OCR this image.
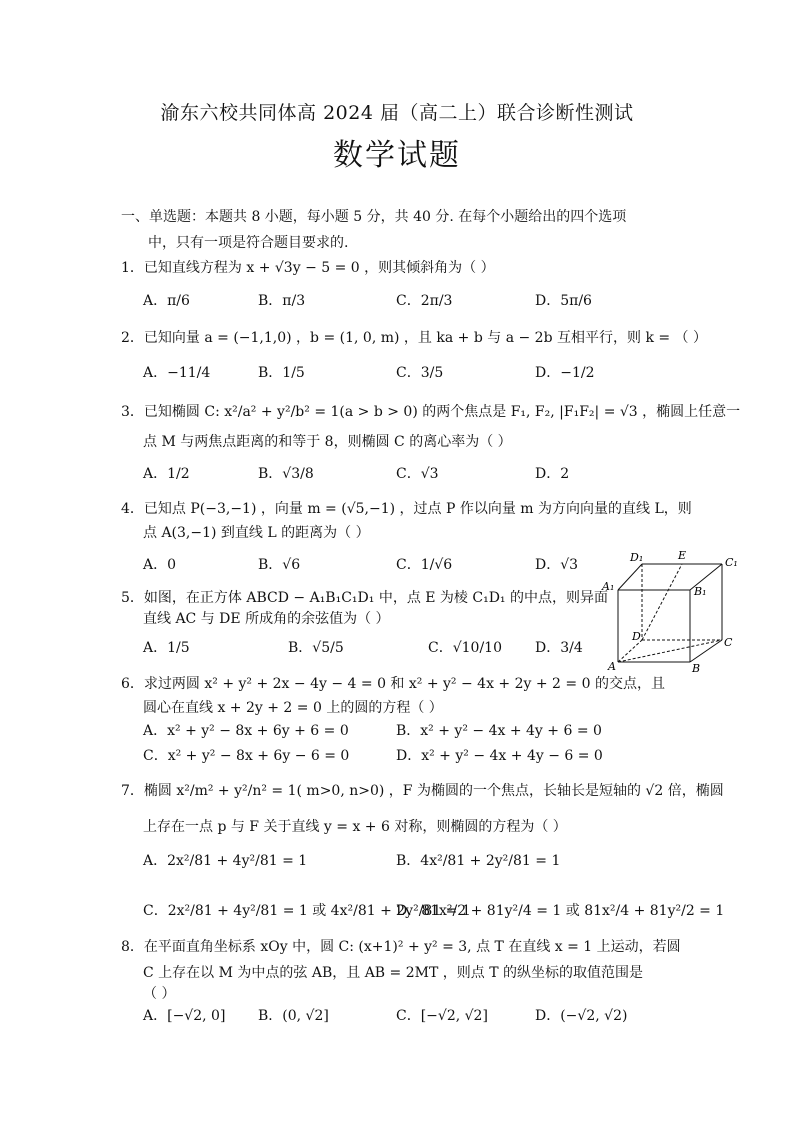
渝东六校共同体高 2024 届（高二上）联合诊断性测试
数学试题
一、单选题：本题共 8 小题，每小题 5 分，共 40 分. 在每个小题给出的四个选项
中，只有一项是符合题目要求的.
1．已知直线方程为 x + √3y − 5 = 0 ，则其倾斜角为（ ）
A．π/6	B．π/3	C．2π/3	D．5π/6
2．已知向量 a = (−1,1,0) ，b = (1, 0, m) ，且 ka + b 与 a − 2b 互相平行，则 k = （ ）
A．−11/4	B．1/5	C．3/5	D．−1/2
3．已知椭圆 C: x²/a² + y²/b² = 1(a > b > 0) 的两个焦点是 F₁, F₂, |F₁F₂| = √3 ，椭圆上任意一
点 M 与两焦点距离的和等于 8，则椭圆 C 的离心率为（ ）
A．1/2	B．√3/8	C．√3	D．2
4．已知点 P(−3,−1) ，向量 m = (√5,−1) ，过点 P 作以向量 m 为方向向量的直线 L，则
点 A(3,−1) 到直线 L 的距离为（ ）
A．0	B．√6	C．1/√6	D．√3
5．如图，在正方体 ABCD − A₁B₁C₁D₁ 中，点 E 为棱 C₁D₁ 的中点，则异面
直线 AC 与 DE 所成角的余弦值为（ ）
A．1/5	B．√5/5	C．√10/10 D．3/4
6．求过两圆 x² + y² + 2x − 4y − 4 = 0 和 x² + y² − 4x + 2y + 2 = 0 的交点，且
圆心在直线 x + 2y + 2 = 0 上的圆的方程（ ）
A．x² + y² − 8x + 6y + 6 = 0	B．x² + y² − 4x + 4y + 6 = 0
C．x² + y² − 8x + 6y − 6 = 0	D．x² + y² − 4x + 4y − 6 = 0
7．椭圆 x²/m² + y²/n² = 1( m>0, n>0) ，F 为椭圆的一个焦点，长轴长是短轴的 √2 倍，椭圆
上存在一点 p 与 F 关于直线 y = x + 6 对称，则椭圆的方程为（ ）
A．2x²/81 + 4y²/81 = 1	B．4x²/81 + 2y²/81 = 1
C．2x²/81 + 4y²/81 = 1 或 4x²/81 + 2y²/81 = 1
D．81x²/2 + 81y²/4 = 1 或 81x²/4 + 81y²/2 = 1
8．在平面直角坐标系 xOy 中，圆 C: (x+1)² + y² = 3, 点 T 在直线 x = 1 上运动，若圆
C 上存在以 M 为中点的弦 AB，且 AB = 2MT ，则点 T 的纵坐标的取值范围是
（ ）
A．[−√2, 0] B．(0, √2]	C．[−√2, √2]	D．(−√2, √2)
D₁	E
C₁
A₁	B₁
D	C
A	B
